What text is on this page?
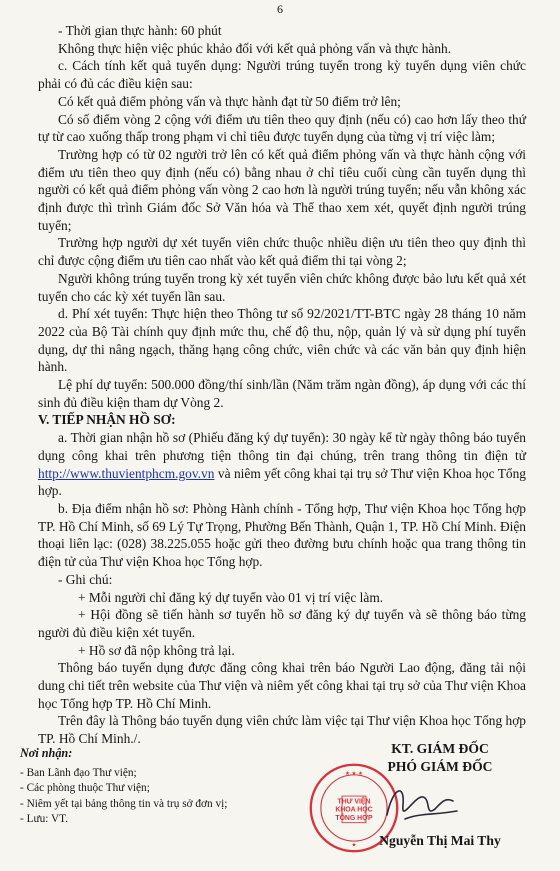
6

- Thời gian thực hành: 60 phút

Không thực hiện việc phúc khảo đối với kết quả phỏng vấn và thực hành.

c. Cách tính kết quả tuyển dụng: Người trúng tuyển trong kỳ tuyển dụng viên chức phải có đủ các điều kiện sau:

Có kết quả điểm phỏng vấn và thực hành đạt từ 50 điểm trở lên;

Có số điểm vòng 2 cộng với điểm ưu tiên theo quy định (nếu có) cao hơn lấy theo thứ tự từ cao xuống thấp trong phạm vi chỉ tiêu được tuyển dụng của từng vị trí việc làm;

Trường hợp có từ 02 người trở lên có kết quả điểm phỏng vấn và thực hành cộng với điểm ưu tiên theo quy định (nếu có) bằng nhau ở chỉ tiêu cuối cùng cần tuyển dụng thì người có kết quả điểm phỏng vấn vòng 2 cao hơn là người trúng tuyển; nếu vẫn không xác định được thì trình Giám đốc Sở Văn hóa và Thể thao xem xét, quyết định người trúng tuyển;

Trường hợp người dự xét tuyển viên chức thuộc nhiều diện ưu tiên theo quy định thì chỉ được cộng điểm ưu tiên cao nhất vào kết quả điểm thi tại vòng 2;

Người không trúng tuyển trong kỳ xét tuyển viên chức không được bảo lưu kết quả xét tuyển cho các kỳ xét tuyển lần sau.

d. Phí xét tuyển: Thực hiện theo Thông tư số 92/2021/TT-BTC ngày 28 tháng 10 năm 2022 của Bộ Tài chính quy định mức thu, chế độ thu, nộp, quản lý và sử dụng phí tuyển dụng, dự thi nâng ngạch, thăng hạng công chức, viên chức và các văn bản quy định hiện hành.

Lệ phí dự tuyển: 500.000 đồng/thí sinh/lần (Năm trăm ngàn đồng), áp dụng với các thí sinh đủ điều kiện tham dự Vòng 2.

V. TIẾP NHẬN HỒ SƠ:

a. Thời gian nhận hồ sơ (Phiếu đăng ký dự tuyển): 30 ngày kể từ ngày thông báo tuyển dụng công khai trên phương tiện thông tin đại chúng, trên trang thông tin điện tử http://www.thuvientphcm.gov.vn và niêm yết công khai tại trụ sở Thư viện Khoa học Tổng hợp.

b. Địa điểm nhận hồ sơ: Phòng Hành chính - Tổng hợp, Thư viện Khoa học Tổng hợp TP. Hồ Chí Minh, số 69 Lý Tự Trọng, Phường Bến Thành, Quận 1, TP. Hồ Chí Minh. Điện thoại liên lạc: (028) 38.225.055 hoặc gửi theo đường bưu chính hoặc qua trang thông tin điện tử của Thư viện Khoa học Tổng hợp.

- Ghi chú:

+ Mỗi người chỉ đăng ký dự tuyển vào 01 vị trí việc làm.

+ Hội đồng sẽ tiến hành sơ tuyển hồ sơ đăng ký dự tuyển và sẽ thông báo từng người đủ điều kiện xét tuyển.

+ Hồ sơ đã nộp không trả lại.

Thông báo tuyển dụng được đăng công khai trên báo Người Lao động, đăng tải nội dung chi tiết trên website của Thư viện và niêm yết công khai tại trụ sở của Thư viện Khoa học Tổng hợp TP. Hồ Chí Minh.

Trên đây là Thông báo tuyển dụng viên chức làm việc tại Thư viện Khoa học Tổng hợp TP. Hồ Chí Minh./.

Nơi nhận:
- Ban Lãnh đạo Thư viện;
- Các phòng thuộc Thư viện;
- Niêm yết tại bảng thông tin và trụ sở đơn vị;
- Lưu: VT.
THƯ VIỆN
KHOA HỌC
TỔNG HỢP
★ ★ ★
★
KT. GIÁM ĐỐC
PHÓ GIÁM ĐỐC
Nguyễn Thị Mai Thy
